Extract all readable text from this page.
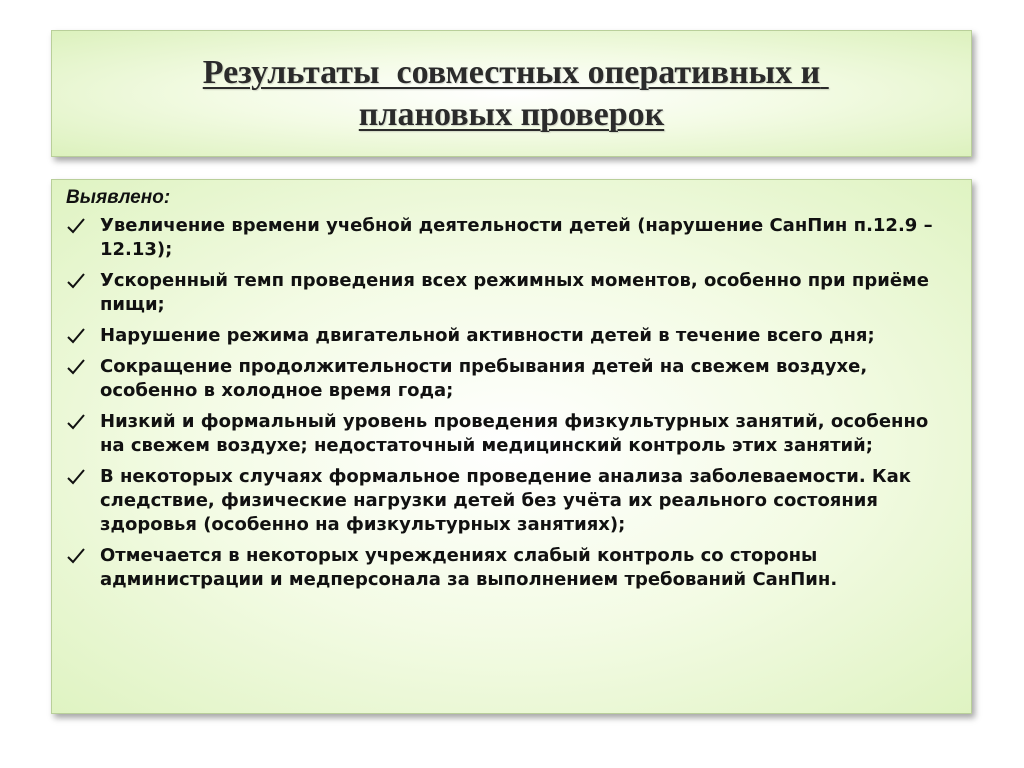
Результаты  совместных оперативных и плановых проверок

Выявлено:

Увеличение времени учебной деятельности детей (нарушение СанПин п.12.9 – 12.13);
Ускоренный темп проведения всех режимных моментов, особенно при приёме пищи;
Нарушение режима двигательной активности детей в течение всего дня;
Сокращение продолжительности пребывания детей на свежем воздухе, особенно в холодное время года;
Низкий и формальный уровень проведения физкультурных занятий, особенно на свежем воздухе; недостаточный медицинский контроль этих занятий;
В некоторых случаях формальное проведение анализа заболеваемости. Как следствие, физические нагрузки детей без учёта их реального состояния здоровья (особенно на физкультурных занятиях);
Отмечается в некоторых учреждениях слабый контроль со стороны администрации и медперсонала за выполнением требований СанПин.
